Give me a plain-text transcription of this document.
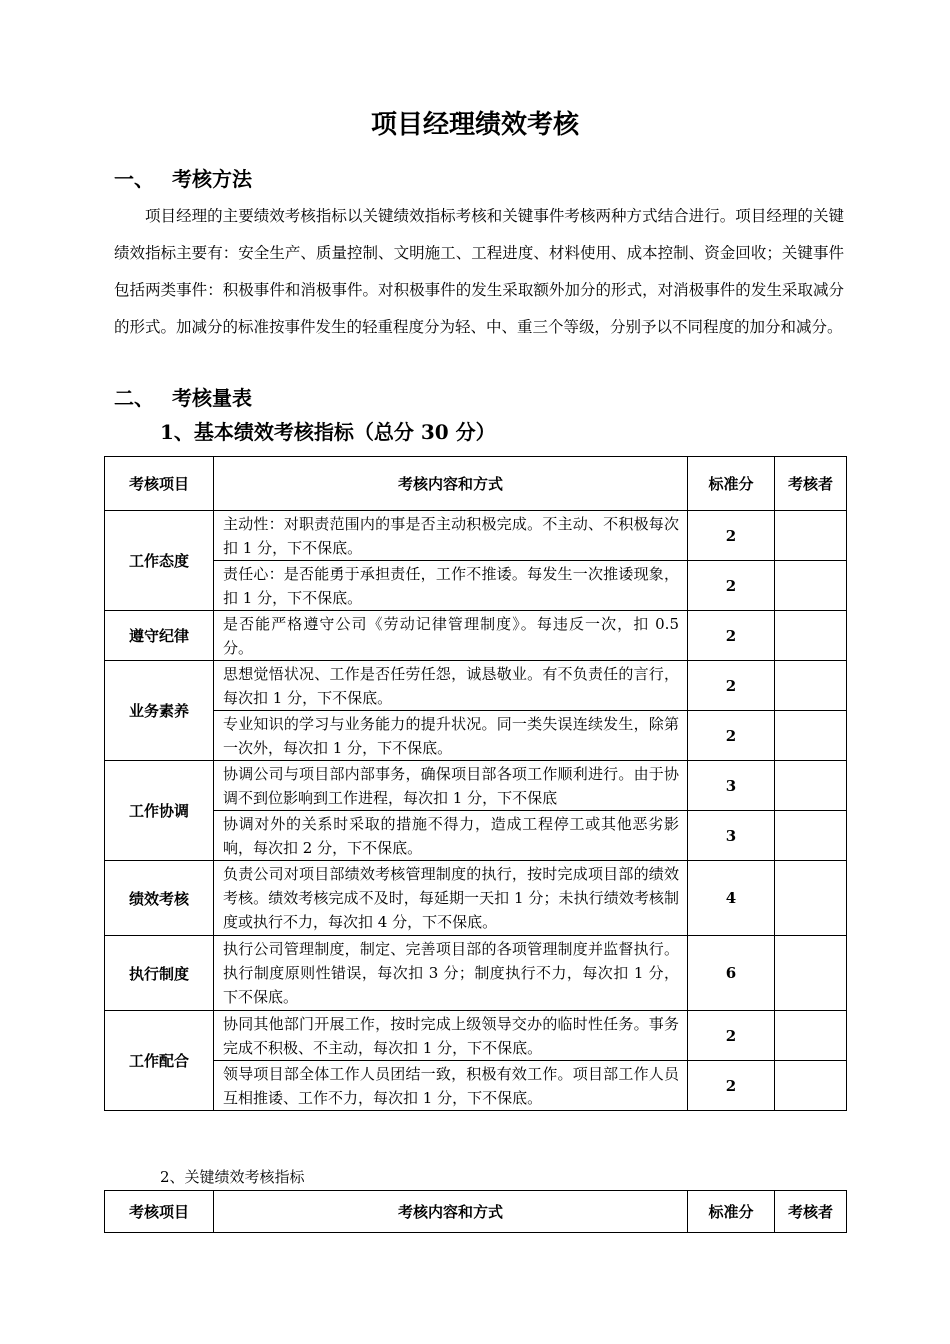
项目经理绩效考核
一、 考核方法

项目经理的主要绩效考核指标以关键绩效指标考核和关键事件考核两种方式结合进行。项目经理的关键绩效指标主要有：安全生产、质量控制、文明施工、工程进度、材料使用、成本控制、资金回收；关键事件包括两类事件：积极事件和消极事件。对积极事件的发生采取额外加分的形式，对消极事件的发生采取减分的形式。加减分的标准按事件发生的轻重程度分为轻、中、重三个等级，分别予以不同程度的加分和减分。

二、 考核量表
1、基本绩效考核指标（总分 30 分）
考核项目	考核内容和方式	标准分	考核者
工作态度	主动性：对职责范围内的事是否主动积极完成。不主动、不积极每次扣 1 分，下不保底。	2	
	责任心：是否能勇于承担责任，工作不推诿。每发生一次推诿现象，扣 1 分，下不保底。	2	
遵守纪律	是否能严格遵守公司《劳动记律管理制度》。每违反一次，扣 0.5 分。	2	
业务素养	思想觉悟状况、工作是否任劳任怨，诚恳敬业。有不负责任的言行，每次扣 1 分，下不保底。	2	
	专业知识的学习与业务能力的提升状况。同一类失误连续发生，除第一次外，每次扣 1 分，下不保底。	2	
工作协调	协调公司与项目部内部事务，确保项目部各项工作顺利进行。由于协调不到位影响到工作进程，每次扣 1 分，下不保底	3	
	协调对外的关系时采取的措施不得力，造成工程停工或其他恶劣影响，每次扣 2 分，下不保底。	3	
绩效考核	负责公司对项目部绩效考核管理制度的执行，按时完成项目部的绩效考核。绩效考核完成不及时，每延期一天扣 1 分；未执行绩效考核制度或执行不力，每次扣 4 分，下不保底。	4	
执行制度	执行公司管理制度，制定、完善项目部的各项管理制度并监督执行。执行制度原则性错误，每次扣 3 分；制度执行不力，每次扣 1 分，下不保底。	6	
工作配合	协同其他部门开展工作，按时完成上级领导交办的临时性任务。事务完成不积极、不主动，每次扣 1 分，下不保底。	2	
	领导项目部全体工作人员团结一致，积极有效工作。项目部工作人员互相推诿、工作不力，每次扣 1 分，下不保底。	2	
2、关键绩效考核指标
考核项目	考核内容和方式	标准分	考核者
